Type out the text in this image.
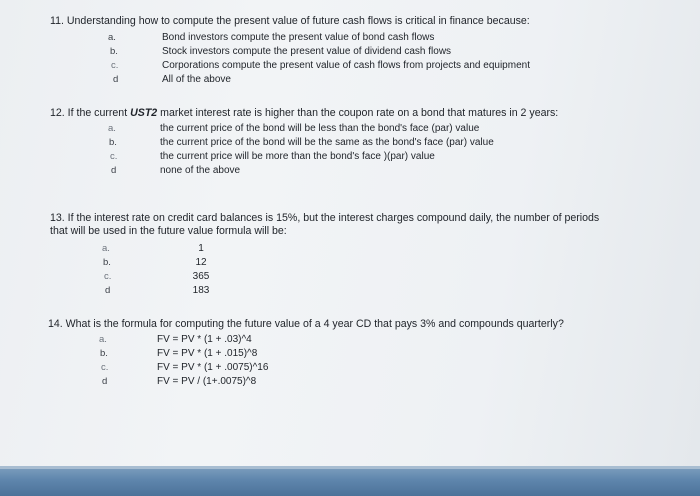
11. Understanding how to compute the present value of future cash flows is critical in finance because:
a.	Bond investors compute the present value of bond cash flows
b.	Stock investors compute the present value of dividend cash flows
c.	Corporations compute the present value of cash flows from projects and equipment
d	All of the above
12. If the current UST2 market interest rate is higher than the coupon rate on a bond that matures in 2 years:
a.	the current price of the bond will be less than the bond's face (par) value
b.	the current price of the bond will be the same as the bond's face (par) value
c.	the current price will be more than the bond's face )(par) value
d	none of the above
13. If the interest rate on credit card balances is 15%, but the interest charges compound daily, the number of periods
that will be used in the future value formula will be:
a.	1
b.	12
c.	365
d	183
14. What is the formula for computing the future value of a 4 year CD that pays 3% and compounds quarterly?
a.	FV = PV * (1 + .03)^4
b.	FV = PV * (1 + .015)^8
c.	FV = PV * (1 + .0075)^16
d	FV = PV / (1+.0075)^8
